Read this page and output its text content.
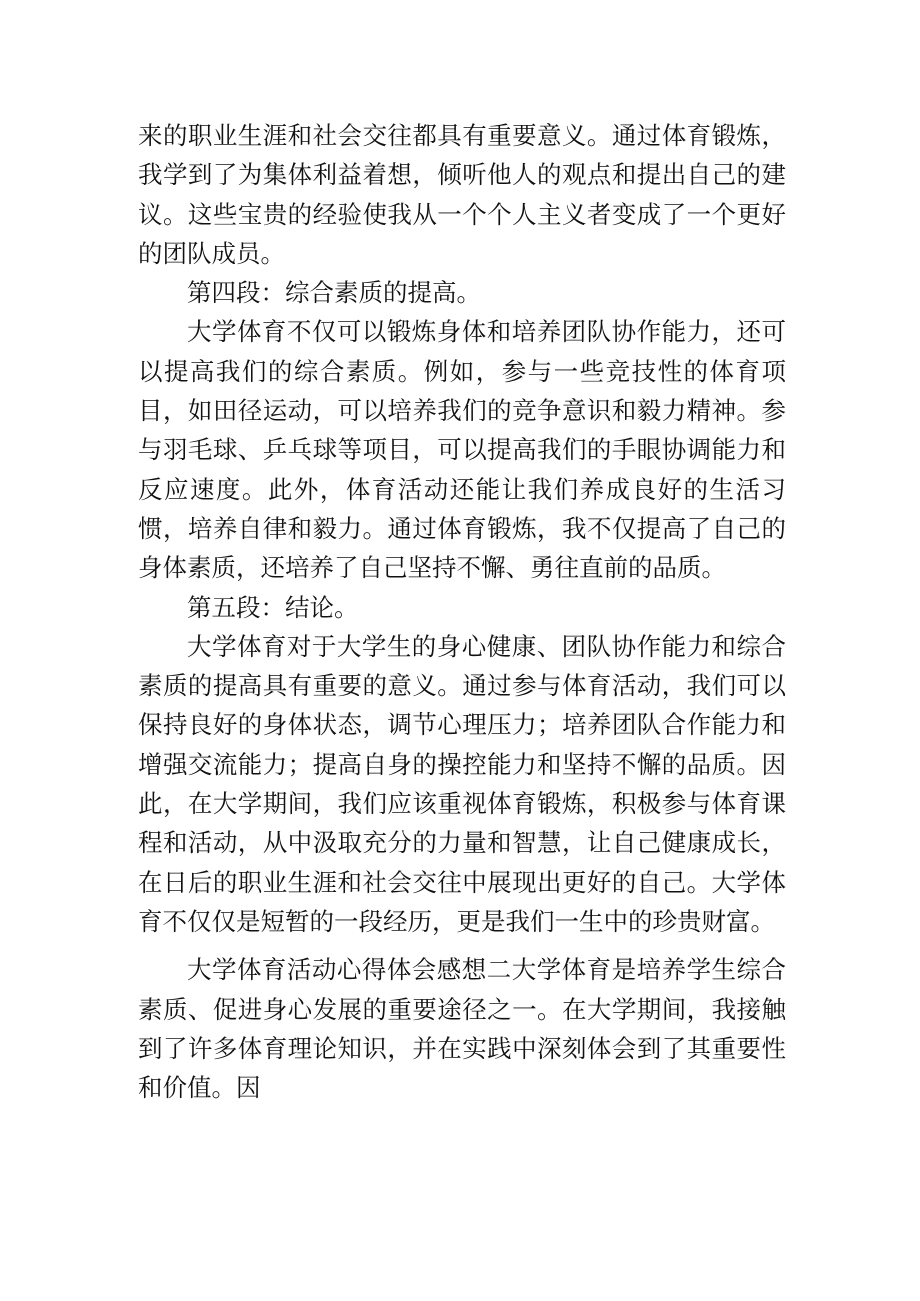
来的职业生涯和社会交往都具有重要意义。通过体育锻炼，我学到了为集体利益着想，倾听他人的观点和提出自己的建议。这些宝贵的经验使我从一个个人主义者变成了一个更好的团队成员。

第四段：综合素质的提高。

大学体育不仅可以锻炼身体和培养团队协作能力，还可以提高我们的综合素质。例如，参与一些竞技性的体育项目，如田径运动，可以培养我们的竞争意识和毅力精神。参与羽毛球、乒乓球等项目，可以提高我们的手眼协调能力和反应速度。此外，体育活动还能让我们养成良好的生活习惯，培养自律和毅力。通过体育锻炼，我不仅提高了自己的身体素质，还培养了自己坚持不懈、勇往直前的品质。

第五段：结论。

大学体育对于大学生的身心健康、团队协作能力和综合素质的提高具有重要的意义。通过参与体育活动，我们可以保持良好的身体状态，调节心理压力；培养团队合作能力和增强交流能力；提高自身的操控能力和坚持不懈的品质。因此，在大学期间，我们应该重视体育锻炼，积极参与体育课程和活动，从中汲取充分的力量和智慧，让自己健康成长，在日后的职业生涯和社会交往中展现出更好的自己。大学体育不仅仅是短暂的一段经历，更是我们一生中的珍贵财富。

大学体育活动心得体会感想二大学体育是培养学生综合素质、促进身心发展的重要途径之一。在大学期间，我接触到了许多体育理论知识，并在实践中深刻体会到了其重要性和价值。因
